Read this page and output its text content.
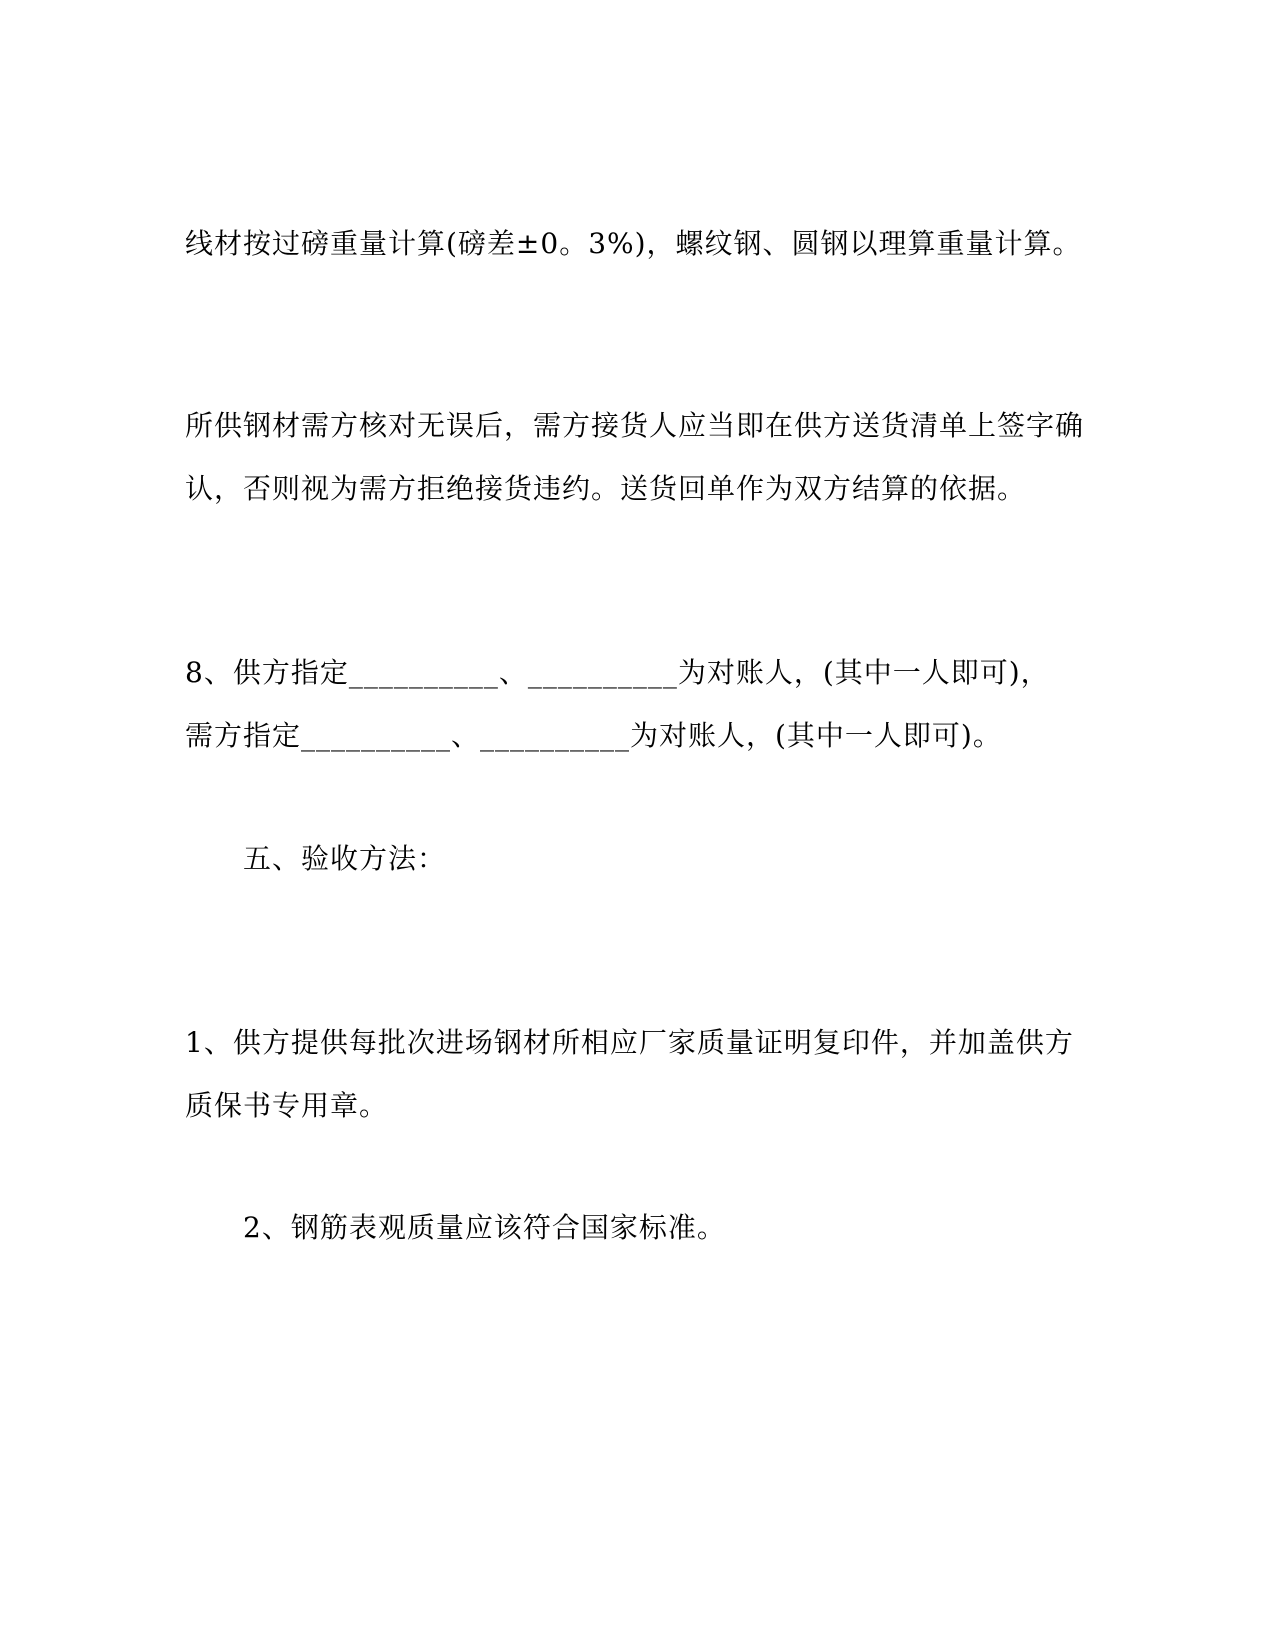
线材按过磅重量计算(磅差±0。3%)，螺纹钢、圆钢以理算重量计算。
所供钢材需方核对无误后，需方接货人应当即在供方送货清单上签字确
认，否则视为需方拒绝接货违约。送货回单作为双方结算的依据。
8、供方指定__________、__________为对账人，(其中一人即可)，
需方指定__________、__________为对账人，(其中一人即可)。
五、验收方法：
1、供方提供每批次进场钢材所相应厂家质量证明复印件，并加盖供方
质保书专用章。
2、钢筋表观质量应该符合国家标准。
